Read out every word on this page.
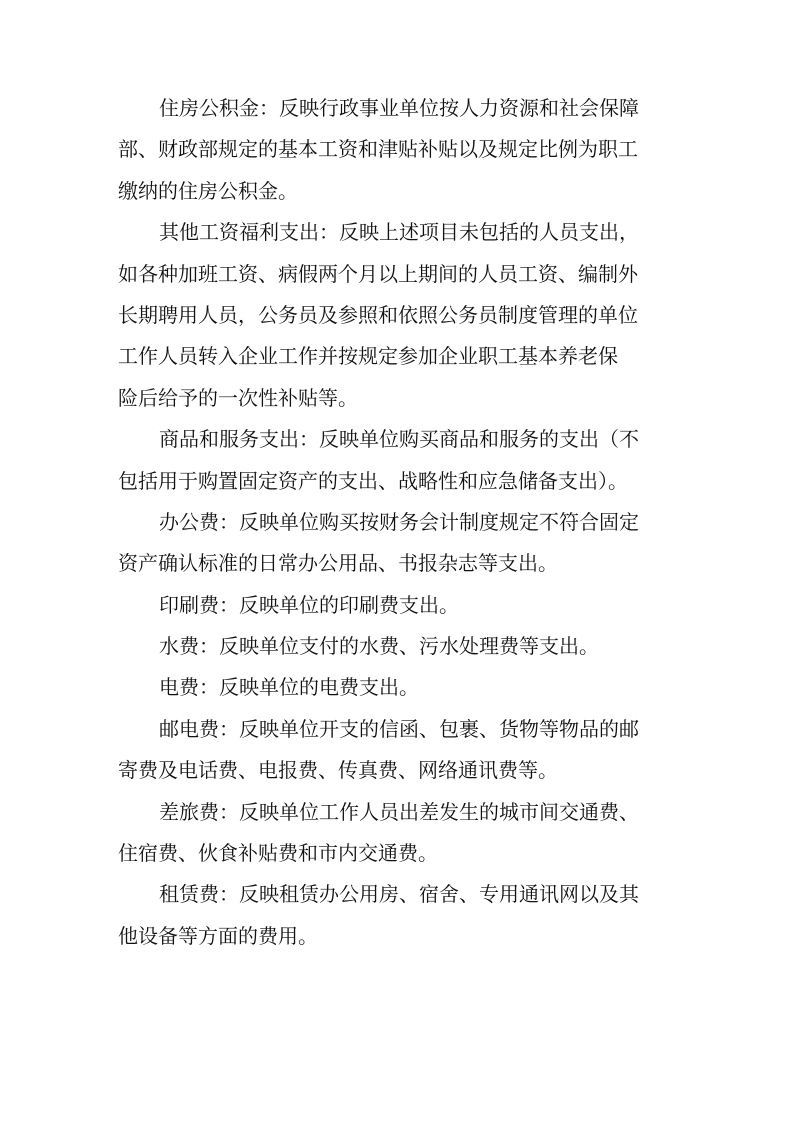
住房公积金：反映行政事业单位按人力资源和社会保障
部、财政部规定的基本工资和津贴补贴以及规定比例为职工
缴纳的住房公积金。
其他工资福利支出：反映上述项目未包括的人员支出，
如各种加班工资、病假两个月以上期间的人员工资、编制外
长期聘用人员，公务员及参照和依照公务员制度管理的单位
工作人员转入企业工作并按规定参加企业职工基本养老保
险后给予的一次性补贴等。
商品和服务支出：反映单位购买商品和服务的支出（不
包括用于购置固定资产的支出、战略性和应急储备支出）。
办公费：反映单位购买按财务会计制度规定不符合固定
资产确认标准的日常办公用品、书报杂志等支出。
印刷费：反映单位的印刷费支出。
水费：反映单位支付的水费、污水处理费等支出。
电费：反映单位的电费支出。
邮电费：反映单位开支的信函、包裹、货物等物品的邮
寄费及电话费、电报费、传真费、网络通讯费等。
差旅费：反映单位工作人员出差发生的城市间交通费、
住宿费、伙食补贴费和市内交通费。
租赁费：反映租赁办公用房、宿舍、专用通讯网以及其
他设备等方面的费用。
